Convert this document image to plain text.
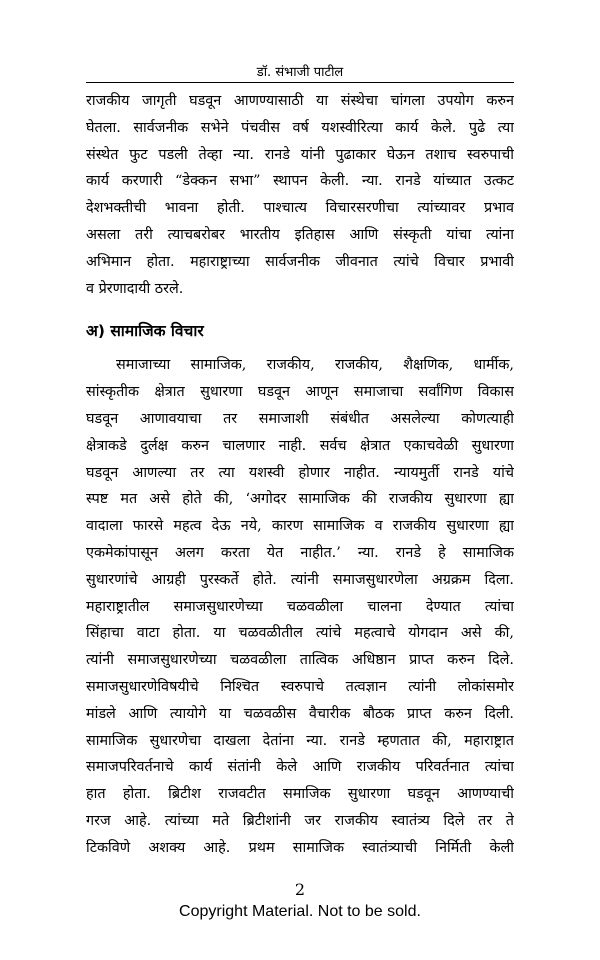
डॉ. संभाजी पाटील
राजकीय जागृती घडवून आणण्यासाठी या संस्थेचा चांगला उपयोग करुन
घेतला. सार्वजनीक सभेने पंचवीस वर्ष यशस्वीरित्या कार्य केले. पुढे त्या
संस्थेत फुट पडली तेव्हा न्या. रानडे यांनी पुढाकार घेऊन तशाच स्वरुपाची
कार्य करणारी “डेक्कन सभा” स्थापन केली. न्या. रानडे यांच्यात उत्कट
देशभक्तीची भावना होती. पाश्चात्य विचारसरणीचा त्यांच्यावर प्रभाव
असला तरी त्याचबरोबर भारतीय इतिहास आणि संस्कृती यांचा त्यांना
अभिमान होता. महाराष्ट्राच्या सार्वजनीक जीवनात त्यांचे विचार प्रभावी
व प्रेरणादायी ठरले.
अ) सामाजिक विचार
समाजाच्या सामाजिक, राजकीय, राजकीय, शैक्षणिक, धार्मीक,
सांस्कृतीक क्षेत्रात सुधारणा घडवून आणून समाजाचा सर्वांगिण विकास
घडवून आणावयाचा तर समाजाशी संबंधीत असलेल्या कोणत्याही
क्षेत्राकडे दुर्लक्ष करुन चालणार नाही. सर्वच क्षेत्रात एकाचवेळी सुधारणा
घडवून आणल्या तर त्या यशस्वी होणार नाहीत. न्यायमुर्ती रानडे यांचे
स्पष्ट मत असे होते की, ‘अगोदर सामाजिक की राजकीय सुधारणा ह्या
वादाला फारसे महत्व देऊ नये, कारण सामाजिक व राजकीय सुधारणा ह्या
एकमेकांपासून अलग करता येत नाहीत.’ न्या. रानडे हे सामाजिक
सुधारणांचे आग्रही पुरस्कर्ते होते. त्यांनी समाजसुधारणेला अग्रक्रम दिला.
महाराष्ट्रातील समाजसुधारणेच्या चळवळीला चालना देण्यात त्यांचा
सिंहाचा वाटा होता. या चळवळीतील त्यांचे महत्वाचे योगदान असे की,
त्यांनी समाजसुधारणेच्या चळवळीला तात्विक अधिष्ठान प्राप्त करुन दिले.
समाजसुधारणेविषयीचे निश्चित स्वरुपाचे तत्वज्ञान त्यांनी लोकांसमोर
मांडले आणि त्यायोगे या चळवळीस वैचारीक बौठक प्राप्त करुन दिली.
सामाजिक सुधारणेचा दाखला देतांना न्या. रानडे म्हणतात की, महाराष्ट्रात
समाजपरिवर्तनाचे कार्य संतांनी केले आणि राजकीय परिवर्तनात त्यांचा
हात होता. ब्रिटीश राजवटीत समाजिक सुधारणा घडवून आणण्याची
गरज आहे. त्यांच्या मते ब्रिटीशांनी जर राजकीय स्वातंत्र्य दिले तर ते
टिकविणे अशक्य आहे. प्रथम सामाजिक स्वातंत्र्याची निर्मिती केली
2
Copyright Material. Not to be sold.
